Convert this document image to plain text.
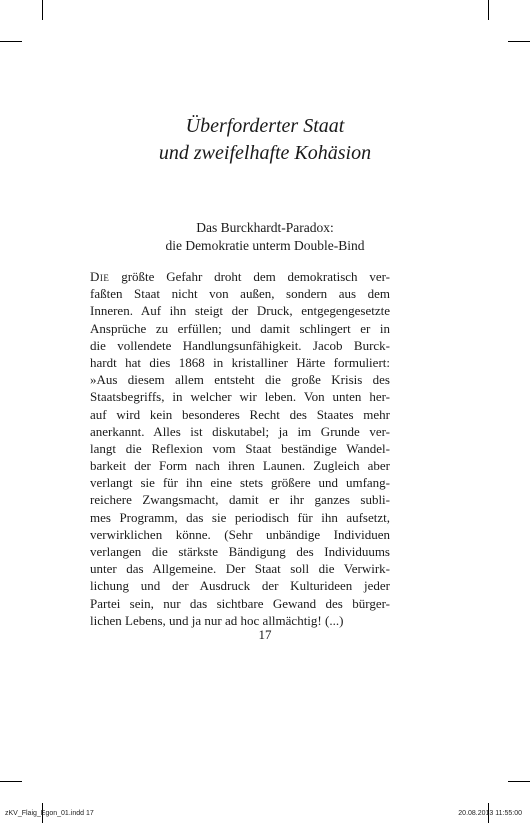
Überforderter Staat
und zweifelhafte Kohäsion
Das Burckhardt-Paradox:
die Demokratie unterm Double-Bind
Die größte Gefahr droht dem demokratisch ver-
faßten Staat nicht von außen, sondern aus dem
Inneren. Auf ihn steigt der Druck, entgegengesetzte
Ansprüche zu erfüllen; und damit schlingert er in
die vollendete Handlungsunfähigkeit. Jacob Burck-
hardt hat dies 1868 in kristalliner Härte formuliert:
»Aus diesem allem entsteht die große Krisis des
Staatsbegriffs, in welcher wir leben. Von unten her-
auf wird kein besonderes Recht des Staates mehr
anerkannt. Alles ist diskutabel; ja im Grunde ver-
langt die Reflexion vom Staat beständige Wandel-
barkeit der Form nach ihren Launen. Zugleich aber
verlangt sie für ihn eine stets größere und umfang-
reichere Zwangsmacht, damit er ihr ganzes subli-
mes Programm, das sie periodisch für ihn aufsetzt,
verwirklichen könne. (Sehr unbändige Individuen
verlangen die stärkste Bändigung des Individuums
unter das Allgemeine. Der Staat soll die Verwirk-
lichung und der Ausdruck der Kulturideen jeder
Partei sein, nur das sichtbare Gewand des bürger-
lichen Lebens, und ja nur ad hoc allmächtig! (...)
17
zKV_Flaig_Egon_01.indd 17	20.08.2013 11:55:00
